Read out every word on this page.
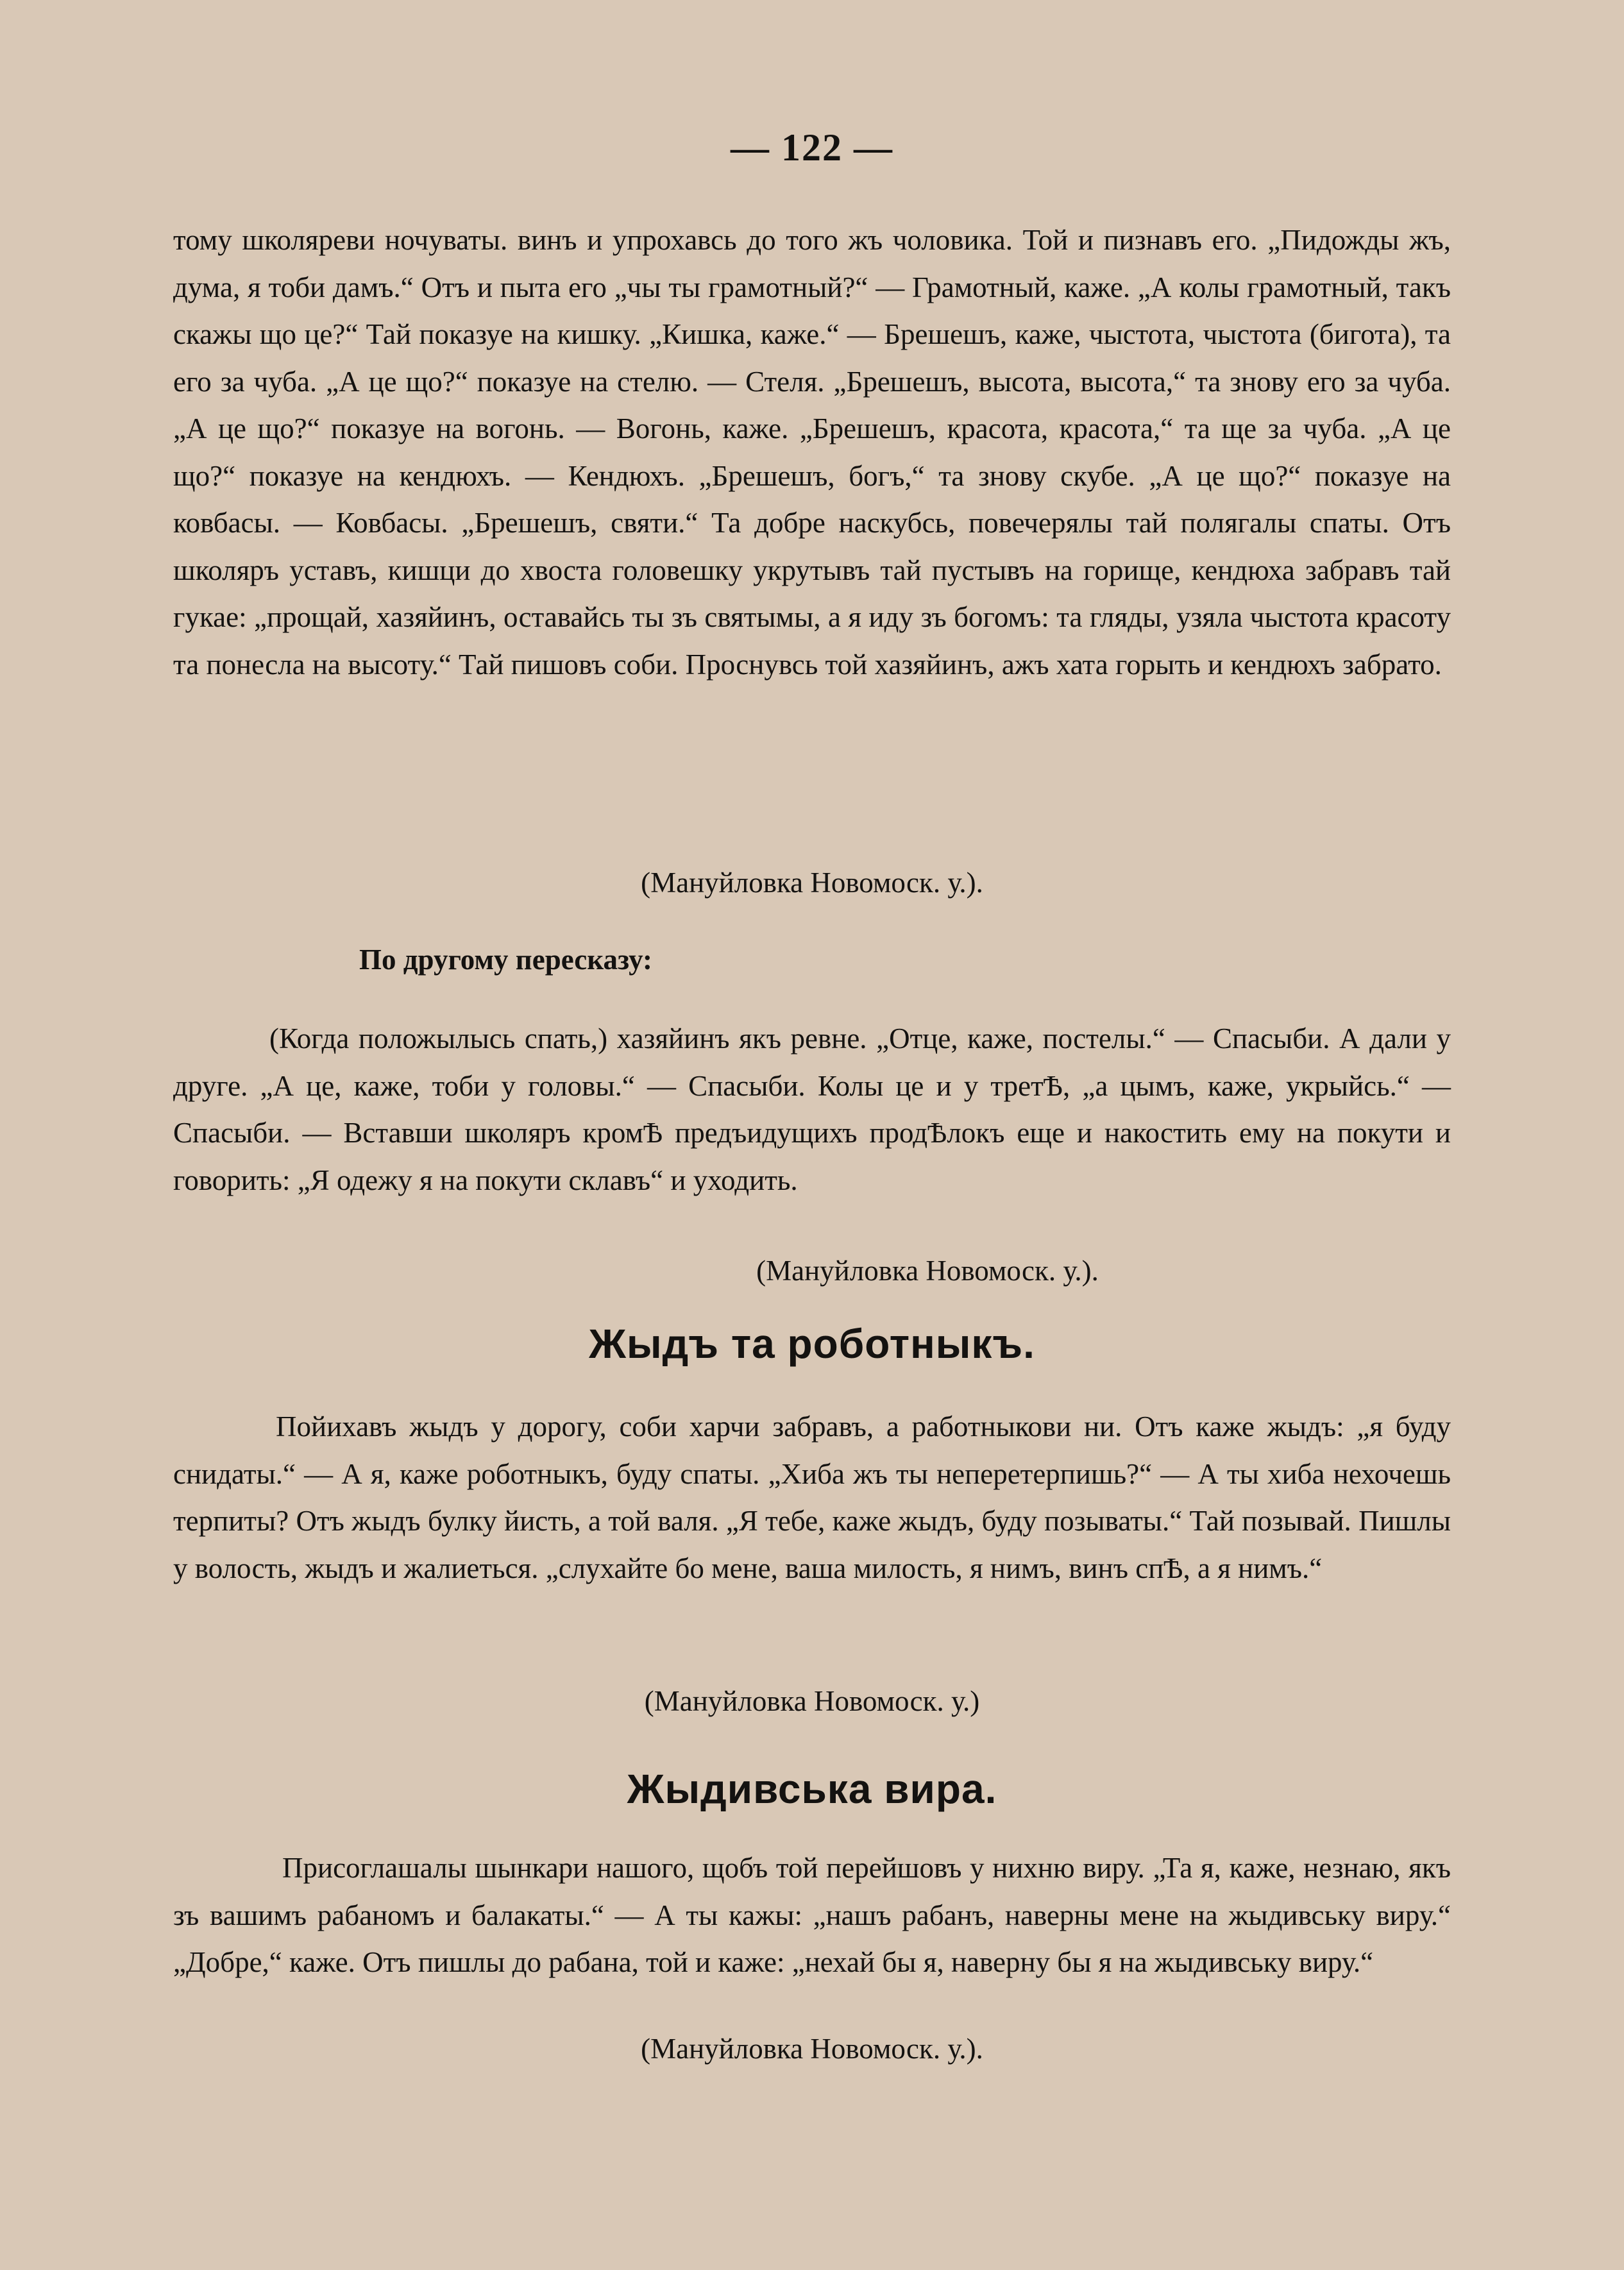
— 122 —
тому школяреви ночуваты. винъ и упрохавсь до того жъ чоловика. Той и пизнавъ его. „Пидожды жъ, дума, я тоби дамъ.“ Отъ и пыта его „чы ты грамотный?“ — Грамотный, каже. „А колы грамотный, такъ скажы що це?“ Тай показуе на кишку. „Кишка, каже.“ — Брешешъ, каже, чыстота, чыстота (бигота), та его за чуба. „А це що?“ показуе на стелю. — Стеля. „Брешешъ, высота, высота,“ та знову его за чуба. „А це що?“ показуе на вогонь. — Вогонь, каже. „Брешешъ, красота, красота,“ та ще за чуба. „А це що?“ показуе на кендюхъ. — Кендюхъ. „Брешешъ, богъ,“ та знову скубе. „А це що?“ показуе на ковбасы. — Ковбасы. „Брешешъ, святи.“ Та добре наскубсь, повечерялы тай полягалы спаты. Отъ школяръ уставъ, кишци до хвоста головешку укрутывъ тай пустывъ на горище, кендюха забравъ тай гукае: „прощай, хазяйинъ, оставайсь ты зъ святымы, а я иду зъ богомъ: та гляды, узяла чыстота красоту та понесла на высоту.“ Тай пишовъ соби. Проснувсь той хазяйинъ, ажъ хата горыть и кендюхъ забрато.
(Мануйловка Новомоск. у.).
По другому пересказу:
(Когда положылысь спать,) хазяйинъ якъ ревне. „Отце, каже, постелы.“ — Спасыби. А дали у друге. „А це, каже, тоби у головы.“ — Спасыби. Колы це и у третѢ, „а цымъ, каже, укрыйсь.“ — Спасыби. — Вставши школяръ кромѢ предъидущихъ продѢлокъ еще и накостить ему на покути и говорить: „Я одежу я на покути склавъ“ и уходить.
(Мануйловка Новомоск. у.).
Жыдъ та роботныкъ.
Пойихавъ жыдъ у дорогу, соби харчи забравъ, а работныкови ни. Отъ каже жыдъ: „я буду снидаты.“ — А я, каже роботныкъ, буду спаты. „Хиба жъ ты неперетерпишь?“ — А ты хиба нехочешь терпиты? Отъ жыдъ булку йисть, а той валя. „Я тебе, каже жыдъ, буду позываты.“ Тай позывай. Пишлы у волость, жыдъ и жалиеться. „слухайте бо мене, ваша милость, я нимъ, винъ спѢ, а я нимъ.“
(Мануйловка Новомоск. у.)
Жыдивська вира.
Присоглашалы шынкари нашого, щобъ той перейшовъ у нихню виру. „Та я, каже, незнаю, якъ зъ вашимъ рабаномъ и балакаты.“ — А ты кажы: „нашъ рабанъ, наверны мене на жыдивську виру.“ „Добре,“ каже. Отъ пишлы до рабана, той и каже: „нехай бы я, наверну бы я на жыдивську виру.“
(Мануйловка Новомоск. у.).
